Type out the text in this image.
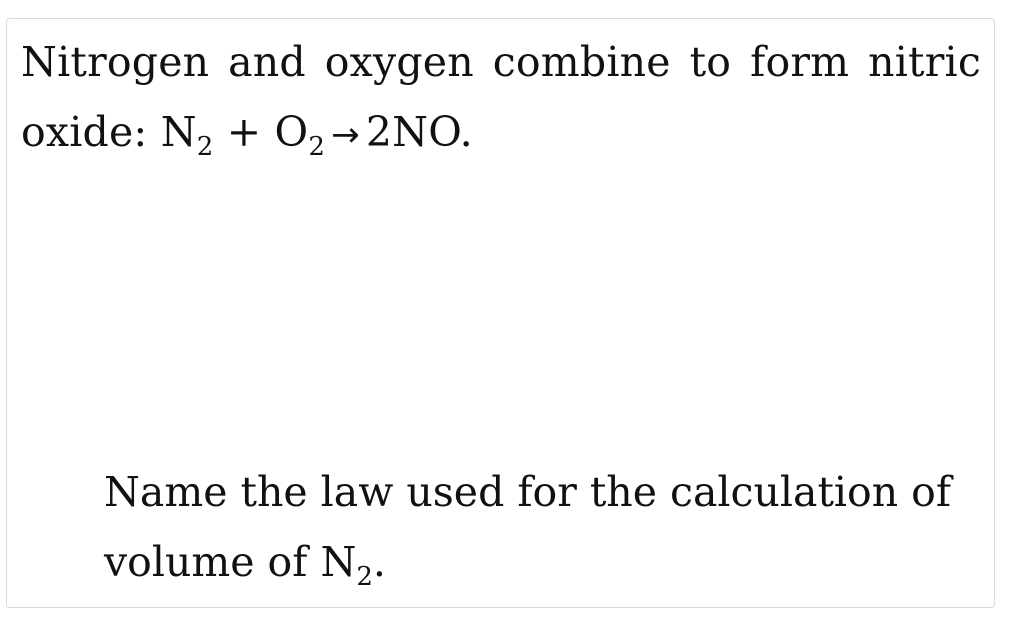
Nitrogen and oxygen combine to form nitric oxide: $N_2 + O_2 \to 2NO$.
Name the law used for the calculation of volume of $N_2$.
